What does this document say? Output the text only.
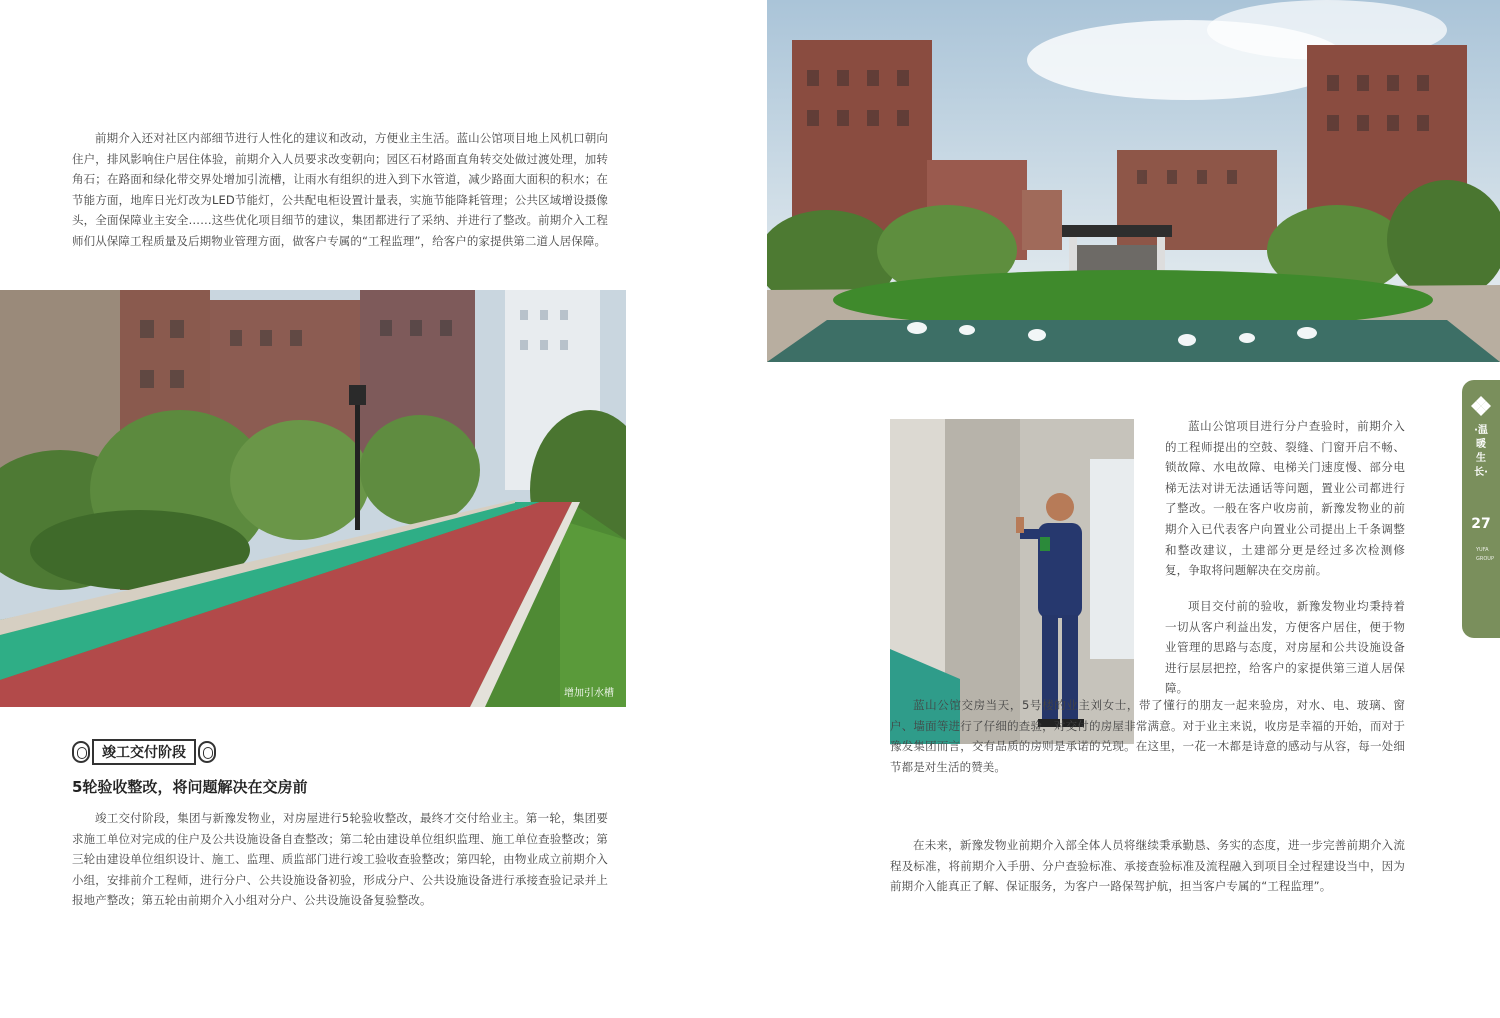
前期介入还对社区内部细节进行人性化的建议和改动，方便业主生活。蓝山公馆项目地上风机口朝向住户，排风影响住户居住体验，前期介入人员要求改变朝向；园区石材路面直角转交处做过渡处理，加转角石；在路面和绿化带交界处增加引流槽，让雨水有组织的进入到下水管道，减少路面大面积的积水；在节能方面，地库日光灯改为LED节能灯，公共配电柜设置计量表，实施节能降耗管理；公共区域增设摄像头，全面保障业主安全……这些优化项目细节的建议，集团都进行了采纳、并进行了整改。前期介入工程师们从保障工程质量及后期物业管理方面，做客户专属的“工程监理”，给客户的家提供第二道人居保障。

增加引水槽
竣工交付阶段
5轮验收整改，将问题解决在交房前

竣工交付阶段，集团与新豫发物业，对房屋进行5轮验收整改，最终才交付给业主。第一轮，集团要求施工单位对完成的住户及公共设施设备自查整改；第二轮由建设单位组织监理、施工单位查验整改；第三轮由建设单位组织设计、施工、监理、质监部门进行竣工验收查验整改；第四轮，由物业成立前期介入小组，安排前介工程师，进行分户、公共设施设备初验，形成分户、公共设施设备进行承接查验记录并上报地产整改；第五轮由前期介入小组对分户、公共设施设备复验整改。

蓝山公馆项目进行分户查验时，前期介入的工程师提出的空鼓、裂缝、门窗开启不畅、锁故障、水电故障、电梯关门速度慢、部分电梯无法对讲无法通话等问题，置业公司都进行了整改。一般在客户收房前，新豫发物业的前期介入已代表客户向置业公司提出上千条调整和整改建议，土建部分更是经过多次检测修复，争取将问题解决在交房前。

项目交付前的验收，新豫发物业均秉持着一切从客户利益出发，方便客户居住，便于物业管理的思路与态度，对房屋和公共设施设备进行层层把控，给客户的家提供第三道人居保障。

蓝山公馆交房当天，5号楼的业主刘女士，带了懂行的朋友一起来验房，对水、电、玻璃、窗户、墙面等进行了仔细的查验，对交付的房屋非常满意。对于业主来说，收房是幸福的开始，而对于豫发集团而言，交有品质的房则是承诺的兑现。在这里，一花一木都是诗意的感动与从容，每一处细节都是对生活的赞美。

在未来，新豫发物业前期介入部全体人员将继续秉承勤恳、务实的态度，进一步完善前期介入流程及标准，将前期介入手册、分户查验标准、承接查验标准及流程融入到项目全过程建设当中，因为前期介入能真正了解、保证服务，为客户一路保驾护航，担当客户专属的“工程监理”。

·温暖生长·
27
YUFA GROUP
